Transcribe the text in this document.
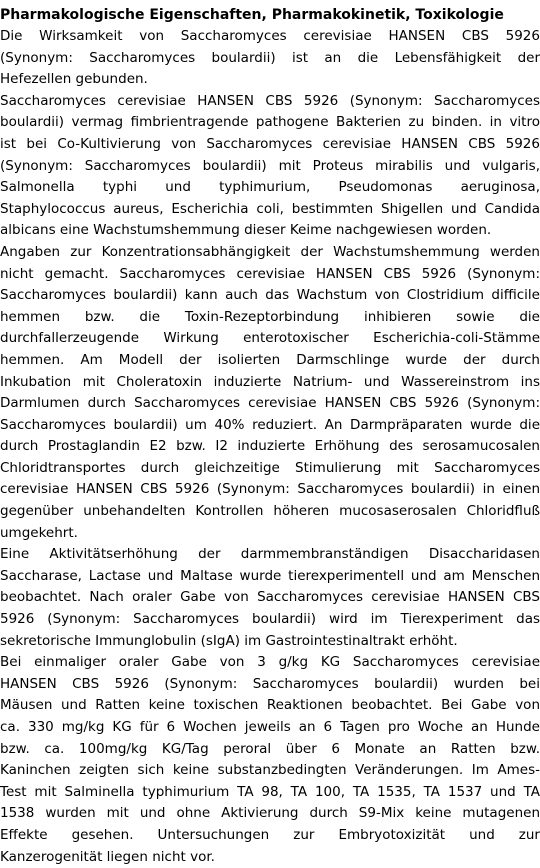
Pharmakologische Eigenschaften, Pharmakokinetik, Toxikologie
Die Wirksamkeit von Saccharomyces cerevisiae HANSEN CBS 5926
(Synonym: Saccharomyces boulardii) ist an die Lebensfähigkeit der
Hefezellen gebunden.
Saccharomyces cerevisiae HANSEN CBS 5926 (Synonym: Saccharomyces
boulardii) vermag fimbrientragende pathogene Bakterien zu binden. in vitro
ist bei Co-Kultivierung von Saccharomyces cerevisiae HANSEN CBS 5926
(Synonym: Saccharomyces boulardii) mit Proteus mirabilis und vulgaris,
Salmonella typhi und typhimurium, Pseudomonas aeruginosa,
Staphylococcus aureus, Escherichia coli, bestimmten Shigellen und Candida
albicans eine Wachstumshemmung dieser Keime nachgewiesen worden.
Angaben zur Konzentrationsabhängigkeit der Wachstumshemmung werden
nicht gemacht. Saccharomyces cerevisiae HANSEN CBS 5926 (Synonym:
Saccharomyces boulardii) kann auch das Wachstum von Clostridium difficile
hemmen bzw. die Toxin-Rezeptorbindung inhibieren sowie die
durchfallerzeugende Wirkung enterotoxischer Escherichia-coli-Stämme
hemmen. Am Modell der isolierten Darmschlinge wurde der durch
Inkubation mit Choleratoxin induzierte Natrium- und Wassereinstrom ins
Darmlumen durch Saccharomyces cerevisiae HANSEN CBS 5926 (Synonym:
Saccharomyces boulardii) um 40% reduziert. An Darmpräparaten wurde die
durch Prostaglandin E2 bzw. I2 induzierte Erhöhung des serosamucosalen
Chloridtransportes durch gleichzeitige Stimulierung mit Saccharomyces
cerevisiae HANSEN CBS 5926 (Synonym: Saccharomyces boulardii) in einen
gegenüber unbehandelten Kontrollen höheren mucosaserosalen Chloridfluß
umgekehrt.
Eine Aktivitätserhöhung der darmmembranständigen Disaccharidasen
Saccharase, Lactase und Maltase wurde tierexperimentell und am Menschen
beobachtet. Nach oraler Gabe von Saccharomyces cerevisiae HANSEN CBS
5926 (Synonym: Saccharomyces boulardii) wird im Tierexperiment das
sekretorische Immunglobulin (sIgA) im Gastrointestinaltrakt erhöht.
Bei einmaliger oraler Gabe von 3 g/kg KG Saccharomyces cerevisiae
HANSEN CBS 5926 (Synonym: Saccharomyces boulardii) wurden bei
Mäusen und Ratten keine toxischen Reaktionen beobachtet. Bei Gabe von
ca. 330 mg/kg KG für 6 Wochen jeweils an 6 Tagen pro Woche an Hunde
bzw. ca. 100mg/kg KG/Tag peroral über 6 Monate an Ratten bzw.
Kaninchen zeigten sich keine substanzbedingten Veränderungen. Im Ames-
Test mit Salminella typhimurium TA 98, TA 100, TA 1535, TA 1537 und TA
1538 wurden mit und ohne Aktivierung durch S9-Mix keine mutagenen
Effekte gesehen. Untersuchungen zur Embryotoxizität und zur
Kanzerogenität liegen nicht vor.
